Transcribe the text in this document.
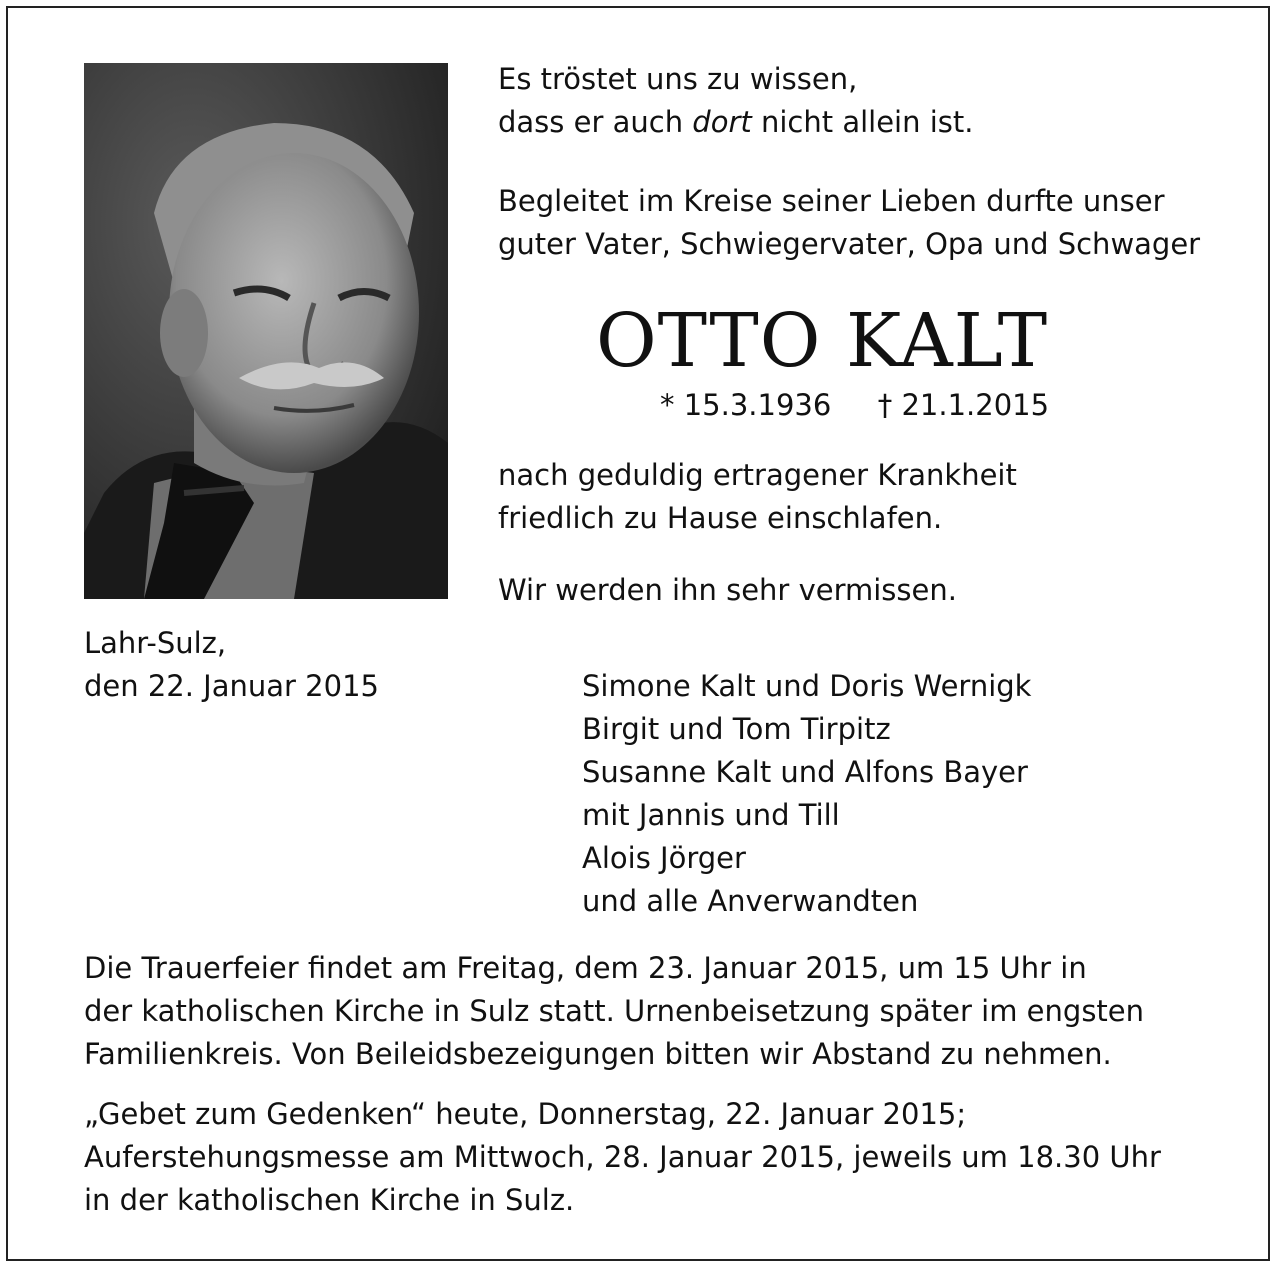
Es tröstet uns zu wissen,
dass er auch dort nicht allein ist.
Begleitet im Kreise seiner Lieben durfte unser
guter Vater, Schwiegervater, Opa und Schwager
OTTO KALT
* 15.3.1936 † 21.1.2015
nach geduldig ertragener Krankheit
friedlich zu Hause einschlafen.
Wir werden ihn sehr vermissen.
Lahr-Sulz,
den 22. Januar 2015	Simone Kalt und Doris Wernigk
Birgit und Tom Tirpitz
Susanne Kalt und Alfons Bayer
mit Jannis und Till
Alois Jörger
und alle Anverwandten
Die Trauerfeier findet am Freitag, dem 23. Januar 2015, um 15 Uhr in
der katholischen Kirche in Sulz statt. Urnenbeisetzung später im engsten
Familienkreis. Von Beileidsbezeigungen bitten wir Abstand zu nehmen.
„Gebet zum Gedenken“ heute, Donnerstag, 22. Januar 2015;
Auferstehungsmesse am Mittwoch, 28. Januar 2015, jeweils um 18.30 Uhr
in der katholischen Kirche in Sulz.
